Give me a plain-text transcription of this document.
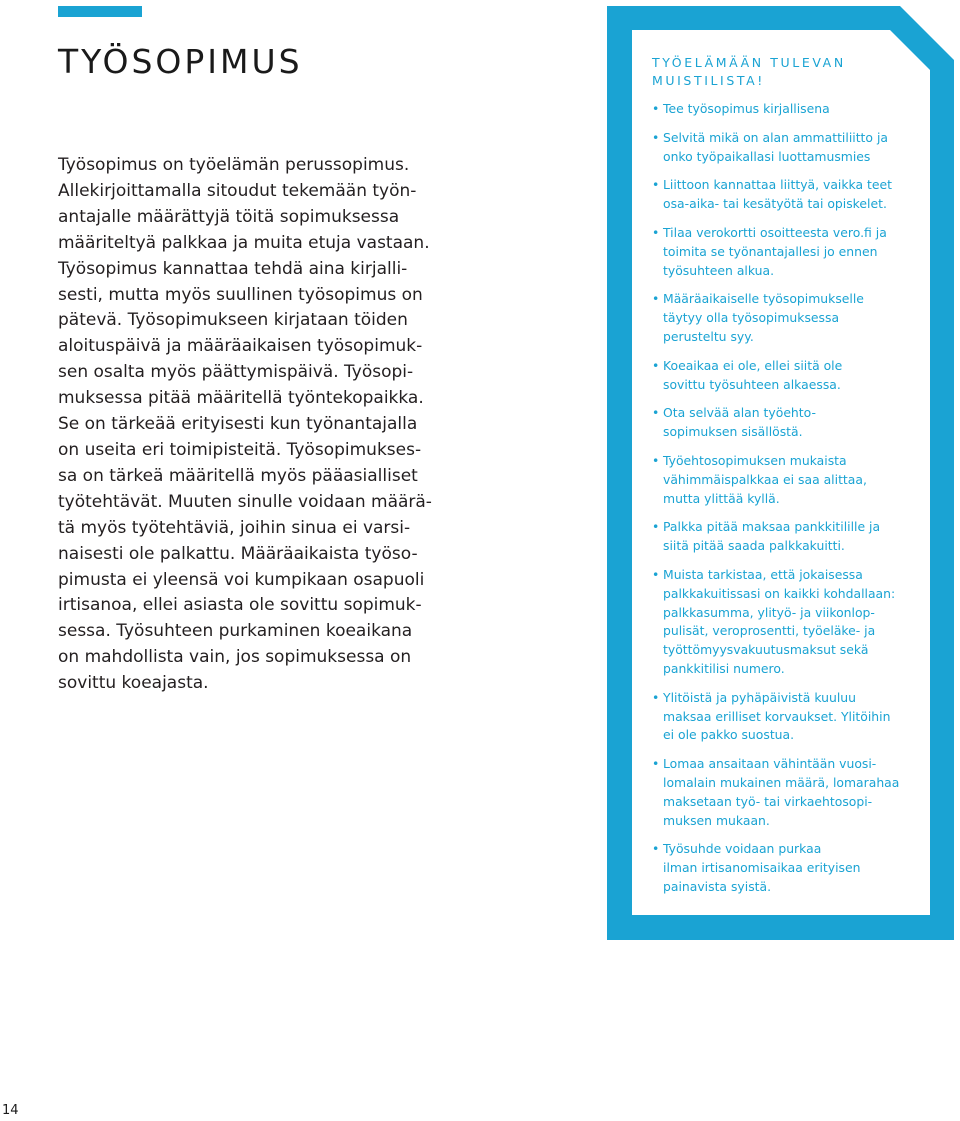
TYÖSOPIMUS
Työsopimus on työelämän perussopimus.
Allekirjoittamalla sitoudut tekemään työn-
antajalle määrättyjä töitä sopimuksessa
määriteltyä palkkaa ja muita etuja vastaan.
Työsopimus kannattaa tehdä aina kirjalli-
sesti, mutta myös suullinen työsopimus on
pätevä. Työsopimukseen kirjataan töiden
aloituspäivä ja määräaikaisen työsopimuk-
sen osalta myös päättymispäivä. Työsopi-
muksessa pitää määritellä työntekopaikka.
Se on tärkeää erityisesti kun työnantajalla
on useita eri toimipisteitä. Työsopimukses-
sa on tärkeä määritellä myös pääasialliset
työtehtävät. Muuten sinulle voidaan määrä-
tä myös työtehtäviä, joihin sinua ei varsi-
naisesti ole palkattu. Määräaikaista työso-
pimusta ei yleensä voi kumpikaan osapuoli
irtisanoa, ellei asiasta ole sovittu sopimuk-
sessa. Työsuhteen purkaminen koeaikana
on mahdollista vain, jos sopimuksessa on
sovittu koeajasta.
TYÖELÄMÄÄN TULEVAN
MUISTILISTA!
• Tee työsopimus kirjallisena
• Selvitä mikä on alan ammattiliitto ja
onko työpaikallasi luottamusmies
• Liittoon kannattaa liittyä, vaikka teet
osa-aika- tai kesätyötä tai opiskelet.
• Tilaa verokortti osoitteesta vero.fi ja
toimita se työnantajallesi jo ennen
työsuhteen alkua.
• Määräaikaiselle työsopimukselle
täytyy olla työsopimuksessa
perusteltu syy.
• Koeaikaa ei ole, ellei siitä ole
sovittu työsuhteen alkaessa.
• Ota selvää alan työehto-
sopimuksen sisällöstä.
• Työehtosopimuksen mukaista
vähimmäispalkkaa ei saa alittaa,
mutta ylittää kyllä.
• Palkka pitää maksaa pankkitilille ja
siitä pitää saada palkkakuitti.
• Muista tarkistaa, että jokaisessa
palkkakuitissasi on kaikki kohdallaan:
palkkasumma, ylityö- ja viikonlop-
pulisät, veroprosentti, työeläke- ja
työttömyysvakuutusmaksut sekä
pankkitilisi numero.
• Ylitöistä ja pyhäpäivistä kuuluu
maksaa erilliset korvaukset. Ylitöihin
ei ole pakko suostua.
• Lomaa ansaitaan vähintään vuosi-
lomalain mukainen määrä, lomarahaa
maksetaan työ- tai virkaehtosopi-
muksen mukaan.
• Työsuhde voidaan purkaa
ilman irtisanomisaikaa erityisen
painavista syistä.
14
